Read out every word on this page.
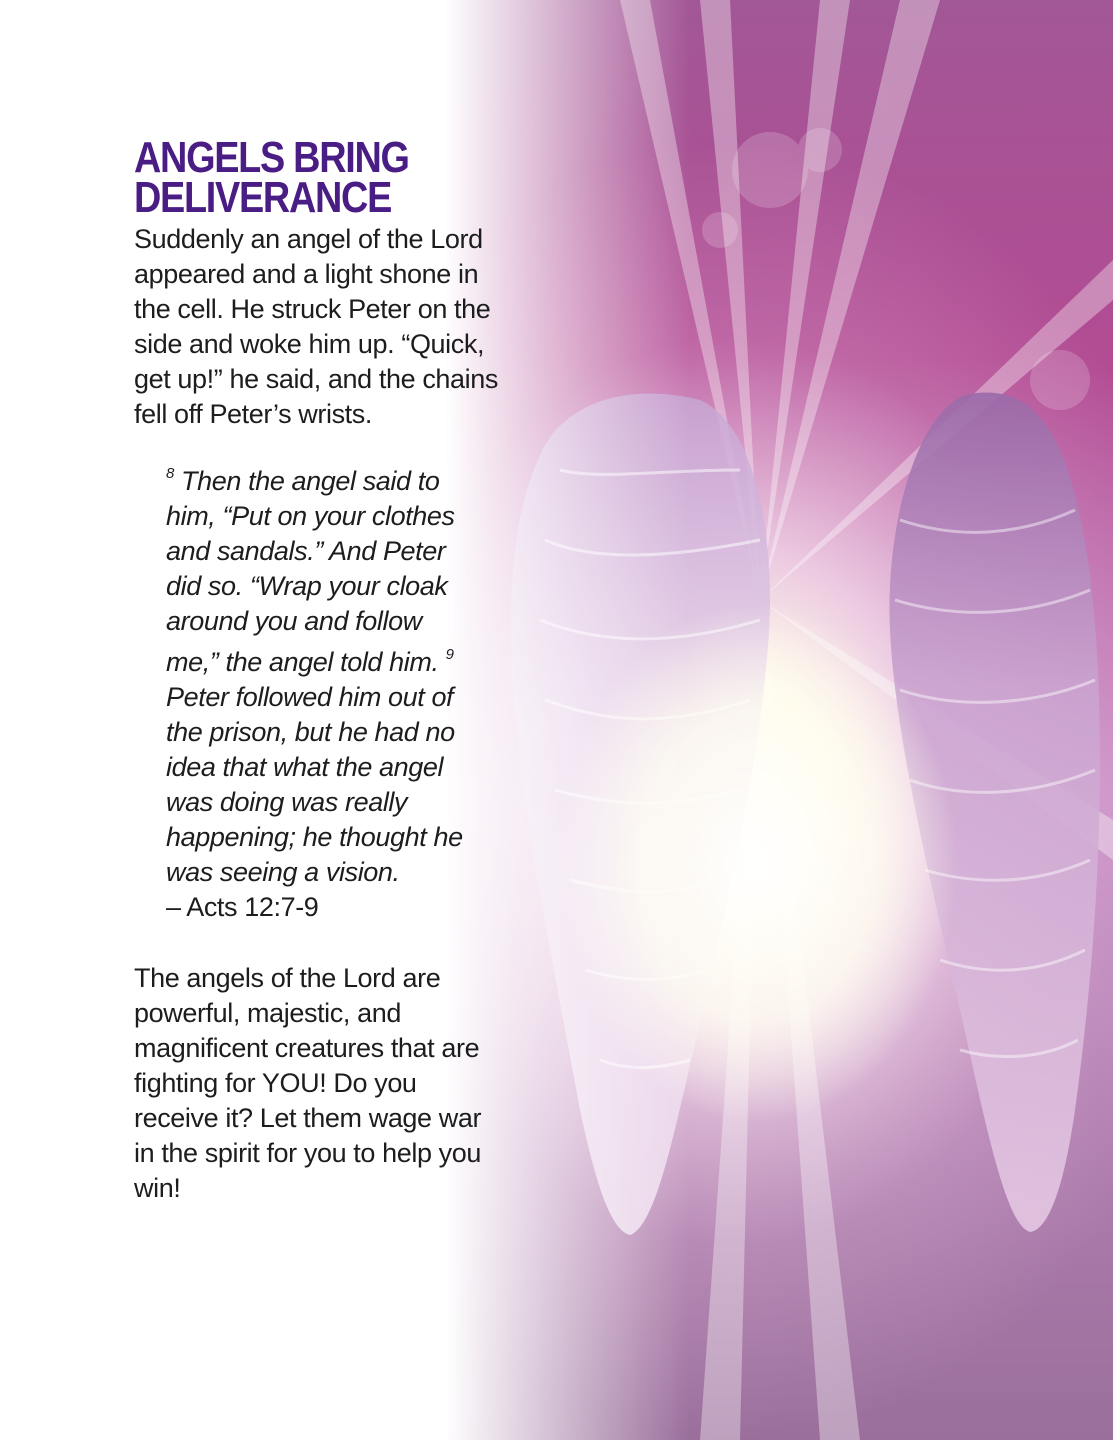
ANGELS BRING
DELIVERANCE

Suddenly an angel of the Lord appeared and a light shone in the cell. He struck Peter on the side and woke him up. “Quick, get up!” he said, and the chains fell off Peter’s wrists.

$^8$ Then the angel said to him, “Put on your clothes and sandals.” And Peter did so. “Wrap your cloak around you and follow me,” the angel told him. $^9$ Peter followed him out of the prison, but he had no idea that what the angel was doing was really happening; he thought he was seeing a vision.
– Acts 12:7-9

The angels of the Lord are powerful, majestic, and magnificent creatures that are fighting for YOU! Do you receive it? Let them wage war in the spirit for you to help you win!
